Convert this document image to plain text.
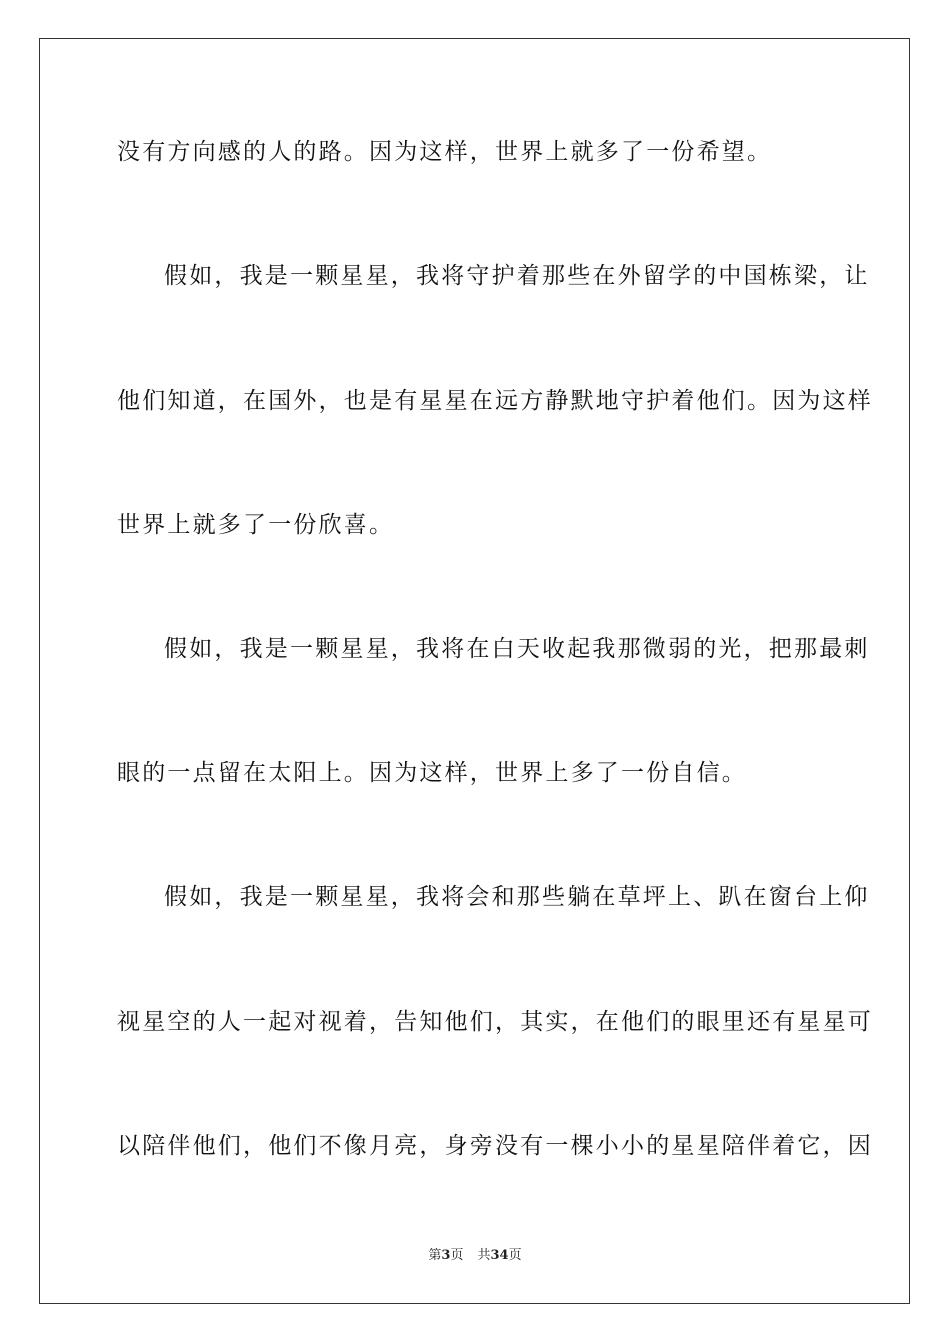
没有方向感的人的路。因为这样，世界上就多了一份希望。
假如，我是一颗星星，我将守护着那些在外留学的中国栋梁，让
他们知道，在国外，也是有星星在远方静默地守护着他们。因为这样
世界上就多了一份欣喜。
假如，我是一颗星星，我将在白天收起我那微弱的光，把那最刺
眼的一点留在太阳上。因为这样，世界上多了一份自信。
假如，我是一颗星星，我将会和那些躺在草坪上、趴在窗台上仰
视星空的人一起对视着，告知他们，其实，在他们的眼里还有星星可
以陪伴他们，他们不像月亮，身旁没有一棵小小的星星陪伴着它，因
第3页 共34页
